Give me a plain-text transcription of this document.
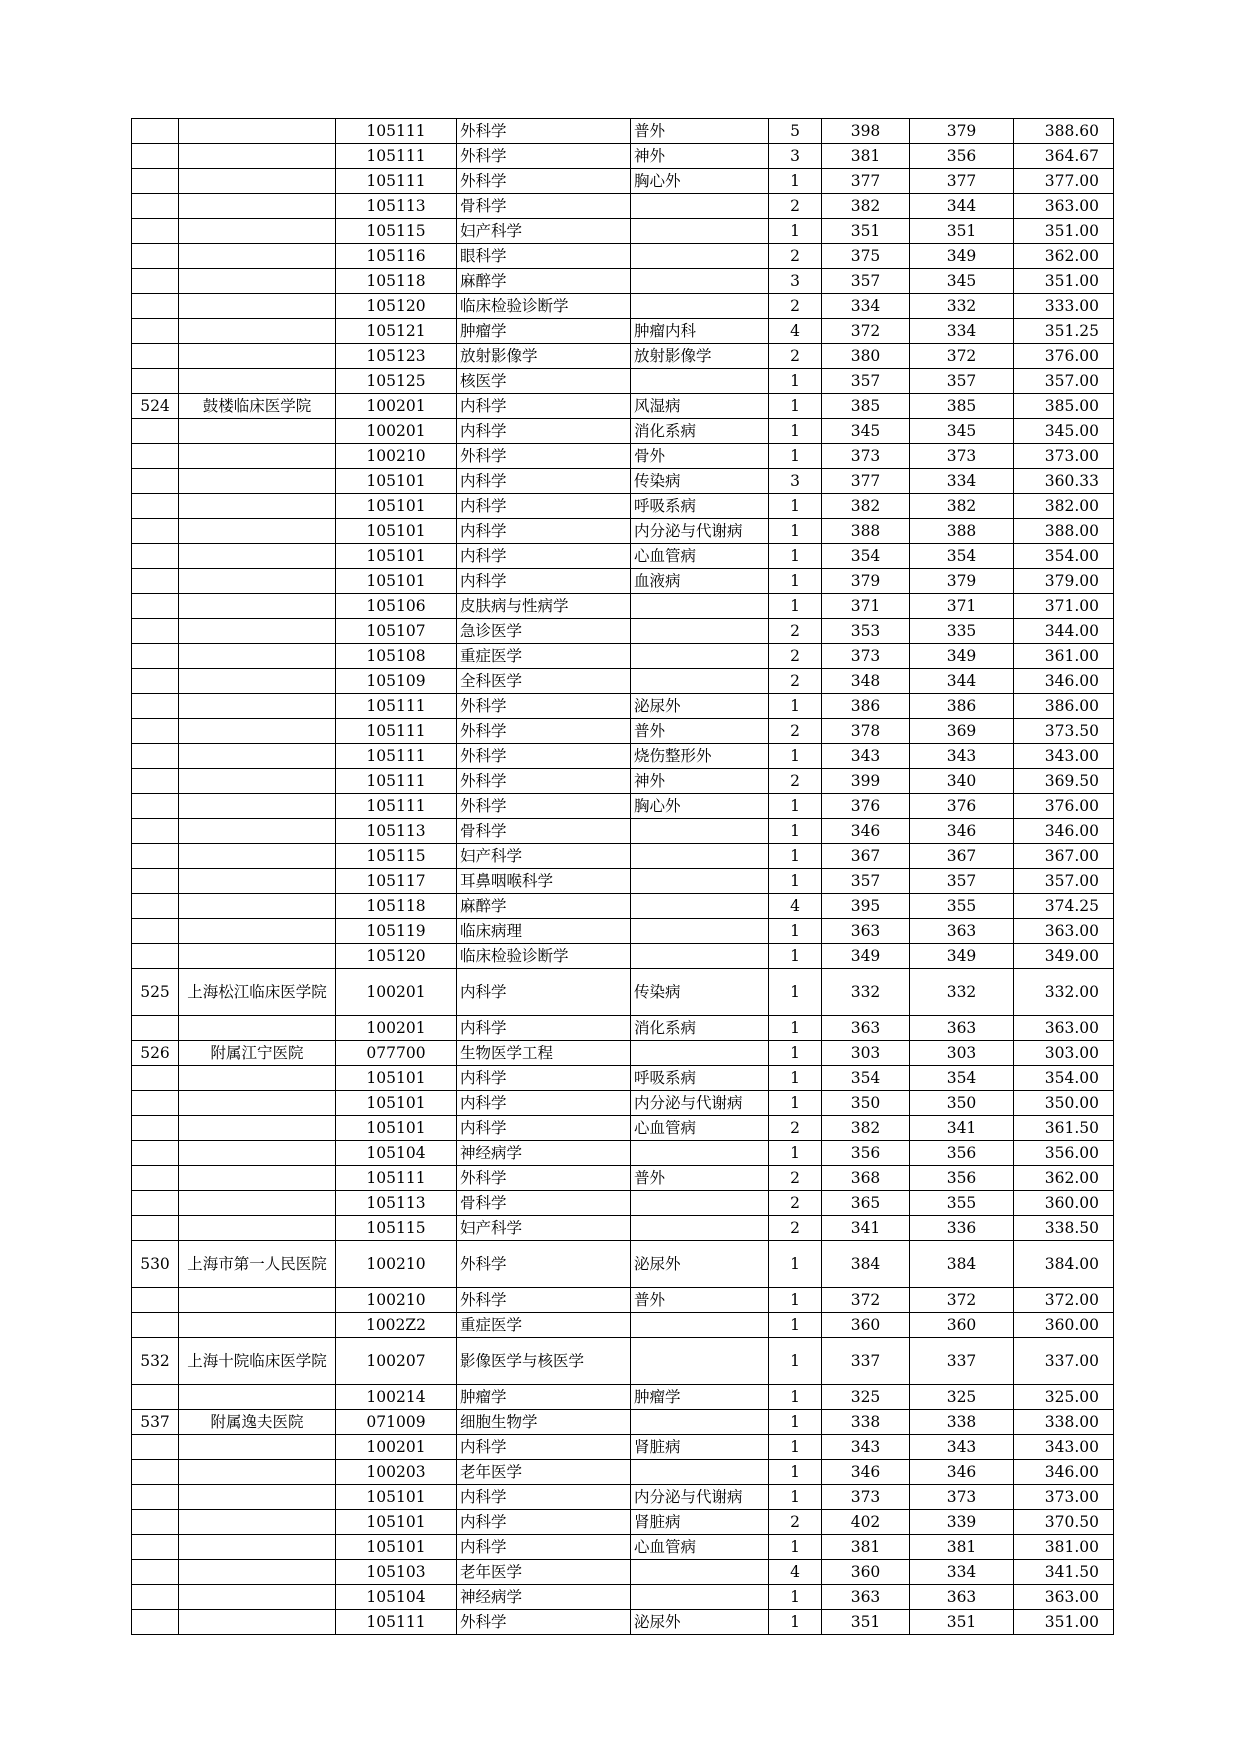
		105111	外科学	普外	5	398	379	388.60
		105111	外科学	神外	3	381	356	364.67
		105111	外科学	胸心外	1	377	377	377.00
		105113	骨科学		2	382	344	363.00
		105115	妇产科学		1	351	351	351.00
		105116	眼科学		2	375	349	362.00
		105118	麻醉学		3	357	345	351.00
		105120	临床检验诊断学		2	334	332	333.00
		105121	肿瘤学	肿瘤内科	4	372	334	351.25
		105123	放射影像学	放射影像学	2	380	372	376.00
		105125	核医学		1	357	357	357.00
524	鼓楼临床医学院	100201	内科学	风湿病	1	385	385	385.00
		100201	内科学	消化系病	1	345	345	345.00
		100210	外科学	骨外	1	373	373	373.00
		105101	内科学	传染病	3	377	334	360.33
		105101	内科学	呼吸系病	1	382	382	382.00
		105101	内科学	内分泌与代谢病	1	388	388	388.00
		105101	内科学	心血管病	1	354	354	354.00
		105101	内科学	血液病	1	379	379	379.00
		105106	皮肤病与性病学		1	371	371	371.00
		105107	急诊医学		2	353	335	344.00
		105108	重症医学		2	373	349	361.00
		105109	全科医学		2	348	344	346.00
		105111	外科学	泌尿外	1	386	386	386.00
		105111	外科学	普外	2	378	369	373.50
		105111	外科学	烧伤整形外	1	343	343	343.00
		105111	外科学	神外	2	399	340	369.50
		105111	外科学	胸心外	1	376	376	376.00
		105113	骨科学		1	346	346	346.00
		105115	妇产科学		1	367	367	367.00
		105117	耳鼻咽喉科学		1	357	357	357.00
		105118	麻醉学		4	395	355	374.25
		105119	临床病理		1	363	363	363.00
		105120	临床检验诊断学		1	349	349	349.00
525	上海松江临床医学院	100201	内科学	传染病	1	332	332	332.00
		100201	内科学	消化系病	1	363	363	363.00
526	附属江宁医院	077700	生物医学工程		1	303	303	303.00
		105101	内科学	呼吸系病	1	354	354	354.00
		105101	内科学	内分泌与代谢病	1	350	350	350.00
		105101	内科学	心血管病	2	382	341	361.50
		105104	神经病学		1	356	356	356.00
		105111	外科学	普外	2	368	356	362.00
		105113	骨科学		2	365	355	360.00
		105115	妇产科学		2	341	336	338.50
530	上海市第一人民医院	100210	外科学	泌尿外	1	384	384	384.00
		100210	外科学	普外	1	372	372	372.00
		1002Z2	重症医学		1	360	360	360.00
532	上海十院临床医学院	100207	影像医学与核医学		1	337	337	337.00
		100214	肿瘤学	肿瘤学	1	325	325	325.00
537	附属逸夫医院	071009	细胞生物学		1	338	338	338.00
		100201	内科学	肾脏病	1	343	343	343.00
		100203	老年医学		1	346	346	346.00
		105101	内科学	内分泌与代谢病	1	373	373	373.00
		105101	内科学	肾脏病	2	402	339	370.50
		105101	内科学	心血管病	1	381	381	381.00
		105103	老年医学		4	360	334	341.50
		105104	神经病学		1	363	363	363.00
		105111	外科学	泌尿外	1	351	351	351.00
